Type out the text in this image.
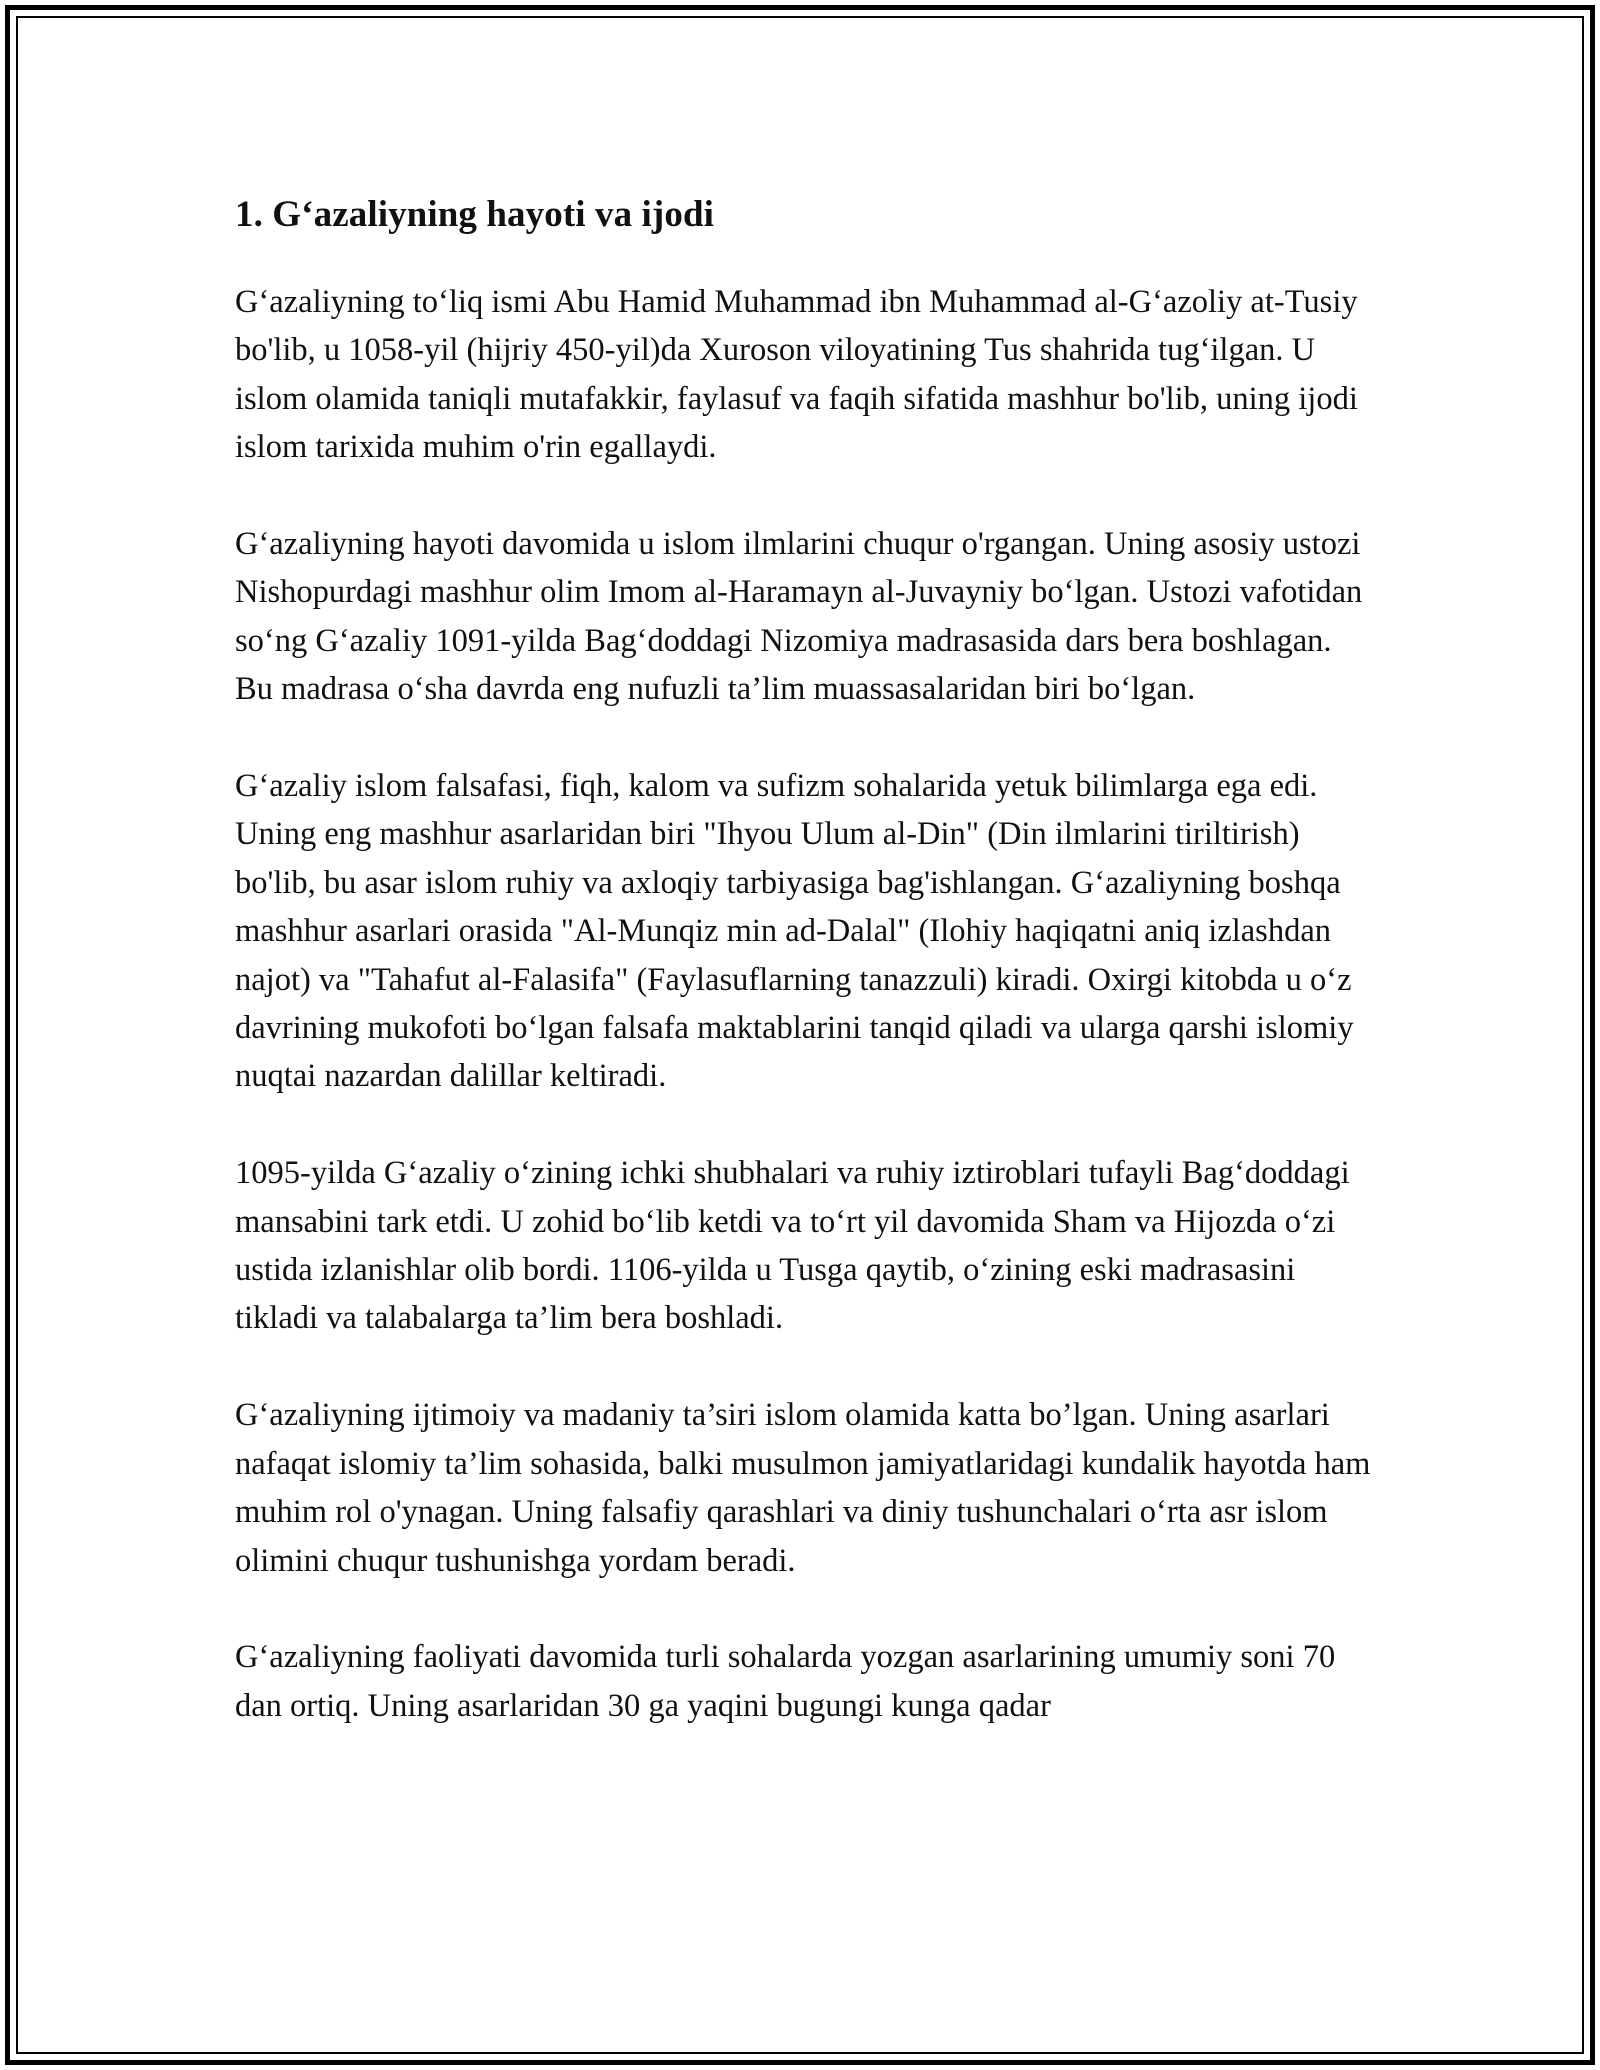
1. G‘azaliyning hayoti va ijodi

G‘azaliyning to‘liq ismi Abu Hamid Muhammad ibn Muhammad al-G‘azoliy at-Tusiy bo'lib, u 1058-yil (hijriy 450-yil)da Xuroson viloyatining Tus shahrida tug‘ilgan. U islom olamida taniqli mutafakkir, faylasuf va faqih sifatida mashhur bo'lib, uning ijodi islom tarixida muhim o'rin egallaydi.

G‘azaliyning hayoti davomida u islom ilmlarini chuqur o'rgangan. Uning asosiy ustozi Nishopurdagi mashhur olim Imom al-Haramayn al-Juvayniy bo‘lgan. Ustozi vafotidan so‘ng G‘azaliy 1091-yilda Bag‘doddagi Nizomiya madrasasida dars bera boshlagan. Bu madrasa o‘sha davrda eng nufuzli ta’lim muassasalaridan biri bo‘lgan.

G‘azaliy islom falsafasi, fiqh, kalom va sufizm sohalarida yetuk bilimlarga ega edi. Uning eng mashhur asarlaridan biri "Ihyou Ulum al-Din" (Din ilmlarini tiriltirish) bo'lib, bu asar islom ruhiy va axloqiy tarbiyasiga bag'ishlangan. G‘azaliyning boshqa mashhur asarlari orasida "Al-Munqiz min ad-Dalal" (Ilohiy haqiqatni aniq izlashdan najot) va "Tahafut al-Falasifa" (Faylasuflarning tanazzuli) kiradi. Oxirgi kitobda u o‘z davrining mukofoti bo‘lgan falsafa maktablarini tanqid qiladi va ularga qarshi islomiy nuqtai nazardan dalillar keltiradi.

1095-yilda G‘azaliy o‘zining ichki shubhalari va ruhiy iztiroblari tufayli Bag‘doddagi mansabini tark etdi. U zohid bo‘lib ketdi va to‘rt yil davomida Sham va Hijozda o‘zi ustida izlanishlar olib bordi. 1106-yilda u Tusga qaytib, o‘zining eski madrasasini tikladi va talabalarga ta’lim bera boshladi.

G‘azaliyning ijtimoiy va madaniy ta’siri islom olamida katta bo’lgan. Uning asarlari nafaqat islomiy ta’lim sohasida, balki musulmon jamiyatlaridagi kundalik hayotda ham muhim rol o'ynagan. Uning falsafiy qarashlari va diniy tushunchalari o‘rta asr islom olimini chuqur tushunishga yordam beradi.

G‘azaliyning faoliyati davomida turli sohalarda yozgan asarlarining umumiy soni 70 dan ortiq. Uning asarlaridan 30 ga yaqini bugungi kunga qadar
